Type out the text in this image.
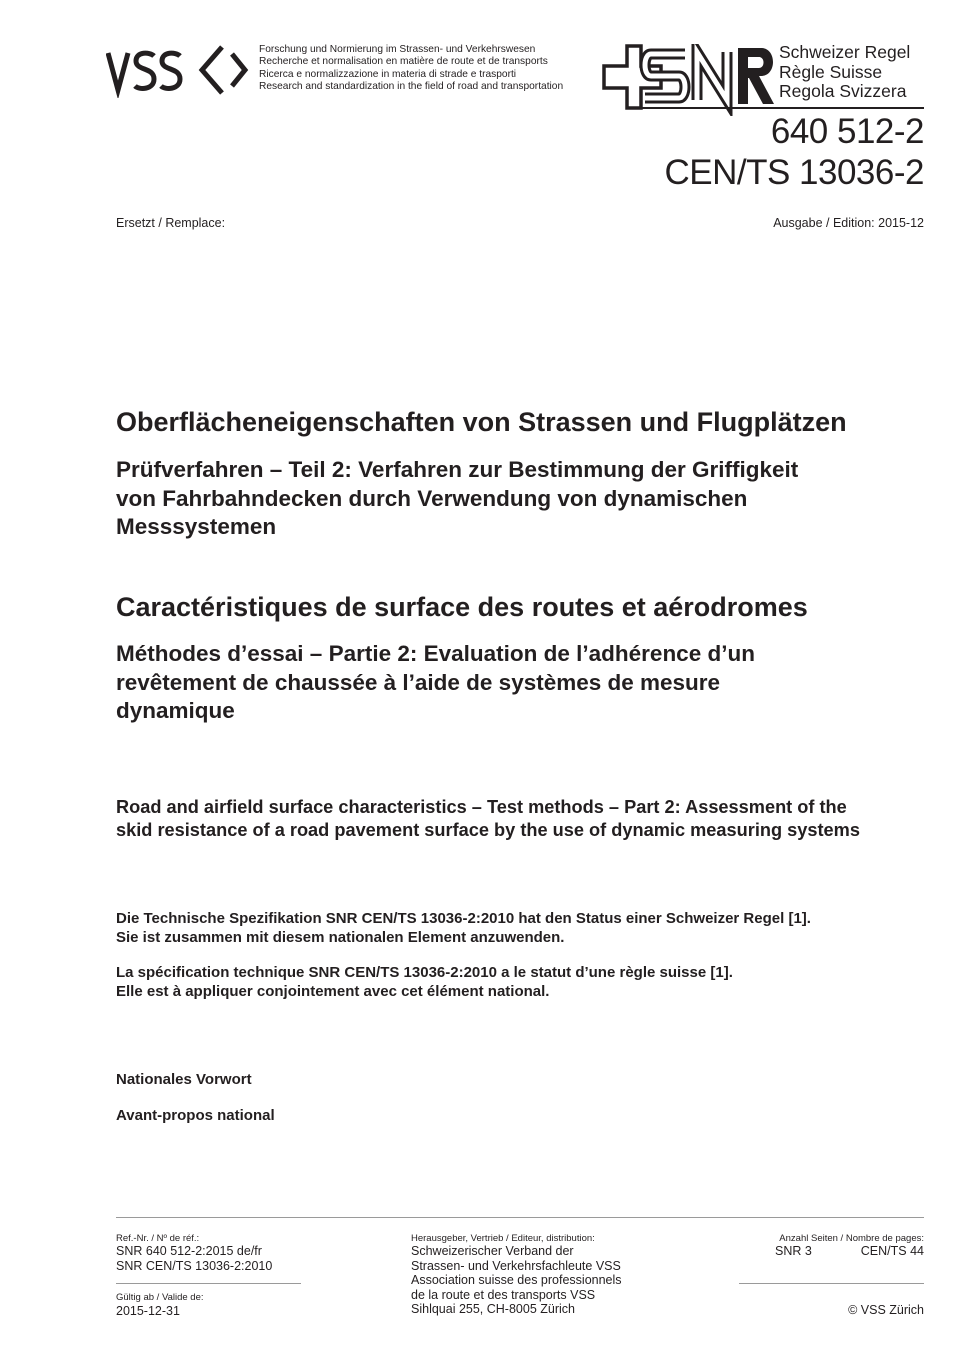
Forschung und Normierung im Strassen- und Verkehrswesen
Recherche et normalisation en matière de route et de transports
Ricerca e normalizzazione in materia di strade e trasporti
Research and standardization in the field of road and transportation
Schweizer Regel
Règle Suisse
Regola Svizzera
640 512-2
CEN/TS 13036-2
Ersetzt / Remplace:	Ausgabe / Edition: 2015-12
Oberflächeneigenschaften von Strassen und Flugplätzen
Prüfverfahren – Teil 2: Verfahren zur Bestimmung der Griffigkeit
von Fahrbahndecken durch Verwendung von dynamischen
Messsystemen
Caractéristiques de surface des routes et aérodromes
Méthodes d’essai – Partie 2: Evaluation de l’adhérence d’un
revêtement de chaussée à l’aide de systèmes de mesure
dynamique
Road and airfield surface characteristics – Test methods – Part 2: Assessment of the
skid resistance of a road pavement surface by the use of dynamic measuring systems
Die Technische Spezifikation SNR CEN/TS 13036-2:2010 hat den Status einer Schweizer Regel [1].
Sie ist zusammen mit diesem nationalen Element anzuwenden.
La spécification technique SNR CEN/TS 13036-2:2010 a le statut d’une règle suisse [1].
Elle est à appliquer conjointement avec cet élément national.
Nationales Vorwort
Avant-propos national
Ref.-Nr. / Nº de réf.:
SNR 640 512-2:2015 de/fr
SNR CEN/TS 13036-2:2010
Gültig ab / Valide de:
2015-12-31
Herausgeber, Vertrieb / Editeur, distribution:
Schweizerischer Verband der
Strassen- und Verkehrsfachleute VSS
Association suisse des professionnels
de la route et des transports VSS
Sihlquai 255, CH-8005 Zürich
Anzahl Seiten / Nombre de pages:
SNR 3	CEN/TS 44
© VSS Zürich
